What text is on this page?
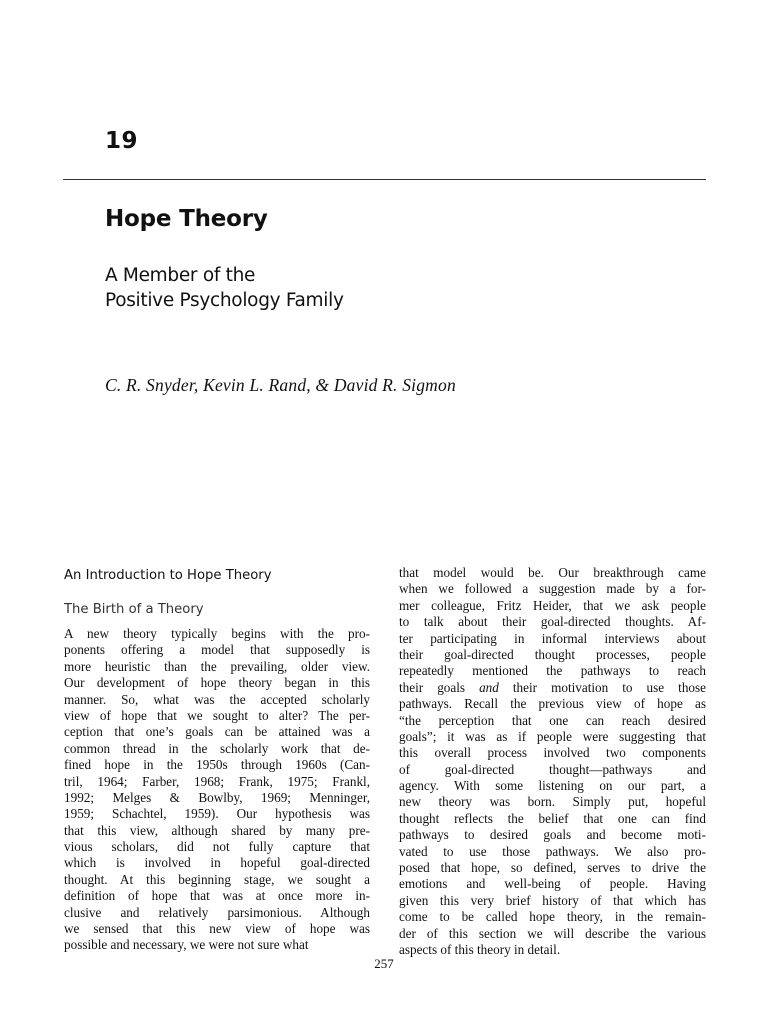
19
Hope Theory
A Member of the
Positive Psychology Family
C. R. Snyder, Kevin L. Rand, & David R. Sigmon
An Introduction to Hope Theory
The Birth of a Theory
A new theory typically begins with the pro-
ponents offering a model that supposedly is
more heuristic than the prevailing, older view.
Our development of hope theory began in this
manner. So, what was the accepted scholarly
view of hope that we sought to alter? The per-
ception that one’s goals can be attained was a
common thread in the scholarly work that de-
fined hope in the 1950s through 1960s (Can-
tril, 1964; Farber, 1968; Frank, 1975; Frankl,
1992; Melges & Bowlby, 1969; Menninger,
1959; Schachtel, 1959). Our hypothesis was
that this view, although shared by many pre-
vious scholars, did not fully capture that
which is involved in hopeful goal-directed
thought. At this beginning stage, we sought a
definition of hope that was at once more in-
clusive and relatively parsimonious. Although
we sensed that this new view of hope was
possible and necessary, we were not sure what
that model would be. Our breakthrough came
when we followed a suggestion made by a for-
mer colleague, Fritz Heider, that we ask people
to talk about their goal-directed thoughts. Af-
ter participating in informal interviews about
their goal-directed thought processes, people
repeatedly mentioned the pathways to reach
their goals and their motivation to use those
pathways. Recall the previous view of hope as
“the perception that one can reach desired
goals”; it was as if people were suggesting that
this overall process involved two components
of goal-directed thought—pathways and
agency. With some listening on our part, a
new theory was born. Simply put, hopeful
thought reflects the belief that one can find
pathways to desired goals and become moti-
vated to use those pathways. We also pro-
posed that hope, so defined, serves to drive the
emotions and well-being of people. Having
given this very brief history of that which has
come to be called hope theory, in the remain-
der of this section we will describe the various
aspects of this theory in detail.
257
